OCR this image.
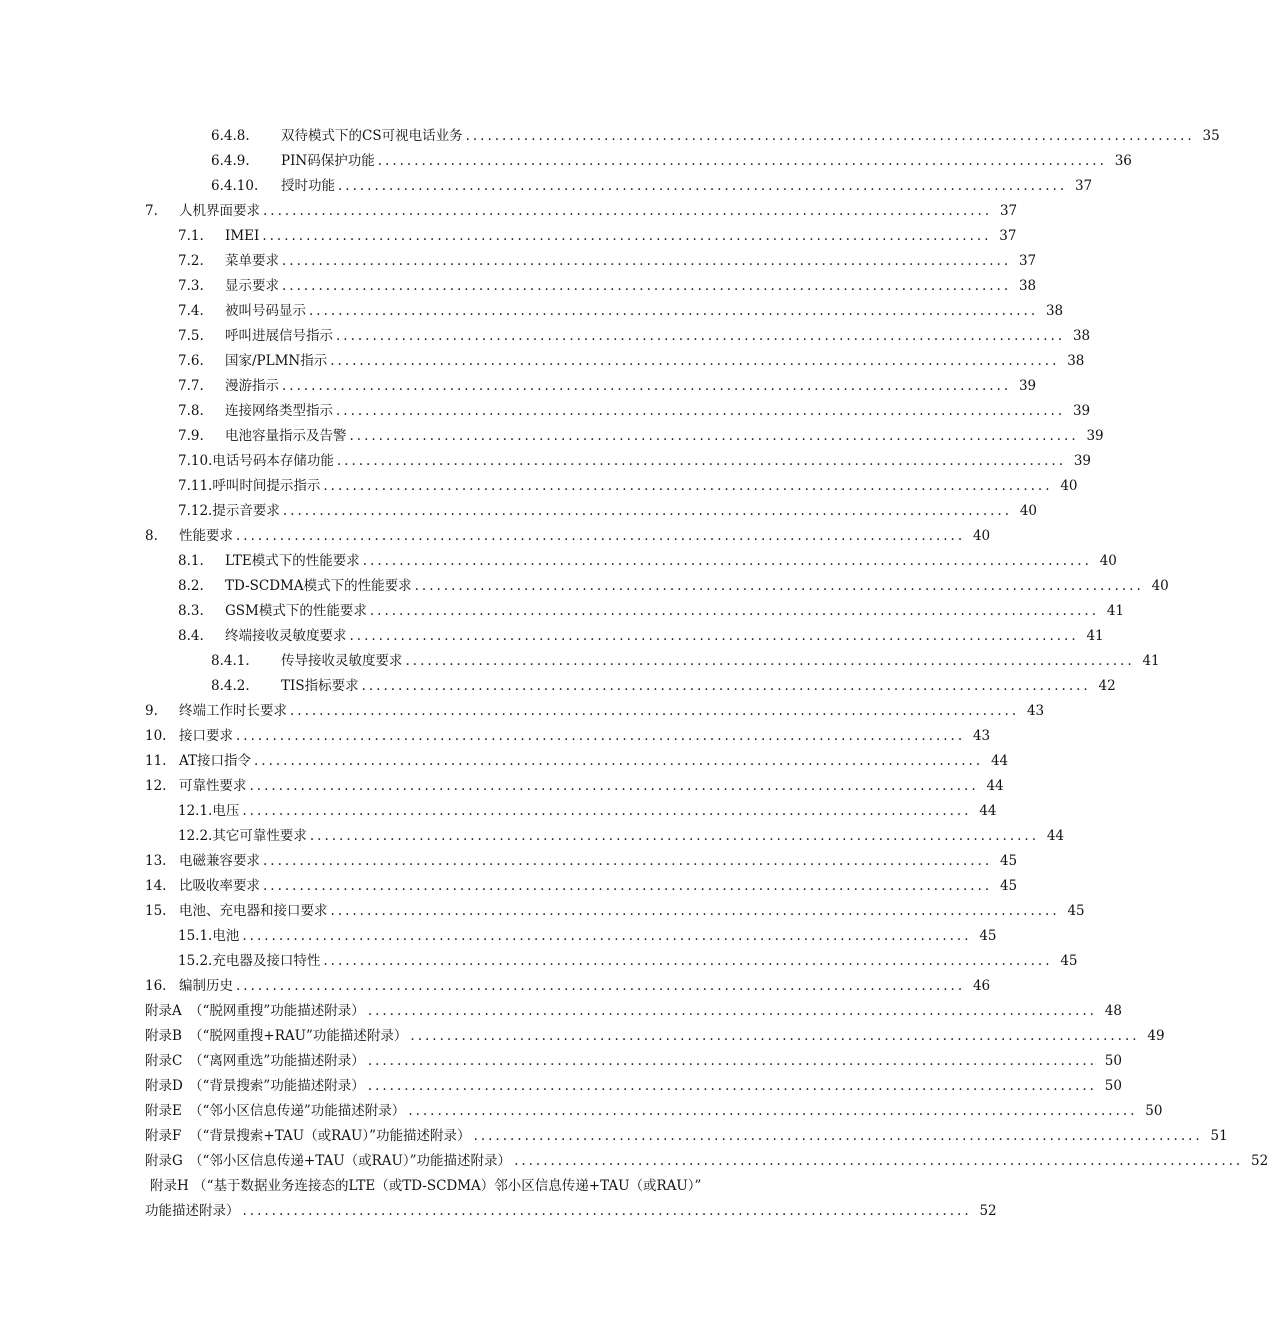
6.4.8.	双待模式下的CS可视电话业务 .................................................................................................... 35
6.4.9.	PIN码保护功能 .................................................................................................... 36
6.4.10.	授时功能 .................................................................................................... 37
7.	人机界面要求 .................................................................................................... 37
7.1.	IMEI .................................................................................................... 37
7.2.	菜单要求 .................................................................................................... 37
7.3.	显示要求 .................................................................................................... 38
7.4.	被叫号码显示 .................................................................................................... 38
7.5.	呼叫进展信号指示 .................................................................................................... 38
7.6.	国家/PLMN指示 .................................................................................................... 38
7.7.	漫游指示 .................................................................................................... 39
7.8.	连接网络类型指示 .................................................................................................... 39
7.9.	电池容量指示及告警 .................................................................................................... 39
7.10. 电话号码本存储功能 .................................................................................................... 39
7.11. 呼叫时间提示指示 .................................................................................................... 40
7.12. 提示音要求 .................................................................................................... 40
8.	性能要求 .................................................................................................... 40
8.1.	LTE模式下的性能要求 .................................................................................................... 40
8.2.	TD-SCDMA模式下的性能要求 .................................................................................................... 40
8.3.	GSM模式下的性能要求 .................................................................................................... 41
8.4.	终端接收灵敏度要求 .................................................................................................... 41
8.4.1.	传导接收灵敏度要求 .................................................................................................... 41
8.4.2.	TIS指标要求 .................................................................................................... 42
9.	终端工作时长要求 .................................................................................................... 43
10. 接口要求 .................................................................................................... 43
11. AT接口指令 .................................................................................................... 44
12. 可靠性要求 .................................................................................................... 44
12.1. 电压 .................................................................................................... 44
12.2. 其它可靠性要求 .................................................................................................... 44
13. 电磁兼容要求 .................................................................................................... 45
14. 比吸收率要求 .................................................................................................... 45
15. 电池、充电器和接口要求 .................................................................................................... 45
15.1. 电池 .................................................................................................... 45
15.2. 充电器及接口特性 .................................................................................................... 45
16. 编制历史 .................................................................................................... 46
附录A （“脱网重搜”功能描述附录） .................................................................................................... 48
附录B （“脱网重搜+RAU”功能描述附录） .................................................................................................... 49
附录C （“离网重选”功能描述附录） .................................................................................................... 50
附录D （“背景搜索”功能描述附录） .................................................................................................... 50
附录E （“邻小区信息传递”功能描述附录） .................................................................................................... 50
附录F （“背景搜索+TAU（或RAU）”功能描述附录） .................................................................................................... 51
附录G （“邻小区信息传递+TAU（或RAU）”功能描述附录） .................................................................................................... 52
附录H （“基于数据业务连接态的LTE（或TD-SCDMA）邻小区信息传递+TAU（或RAU）”
功能描述附录） .................................................................................................... 52
